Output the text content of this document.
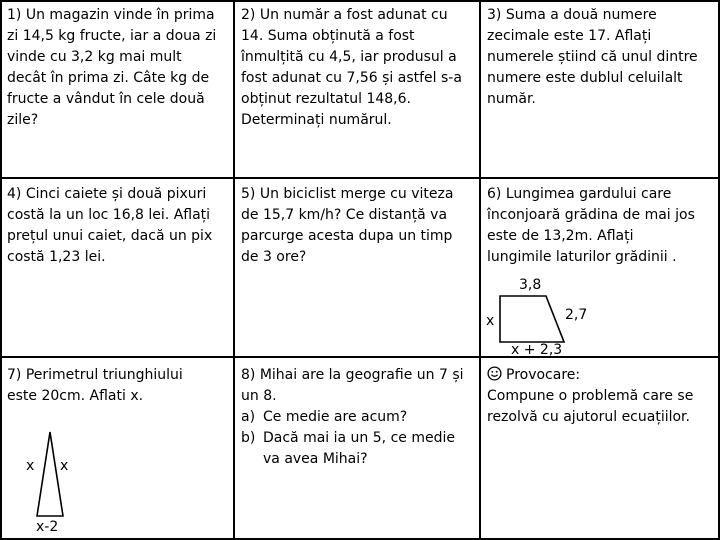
1) Un magazin vinde în prima

zi 14,5 kg fructe, iar a doua zi

vinde cu 3,2 kg mai mult

decât în prima zi. Câte kg de

fructe a vândut în cele două

zile?

2) Un număr a fost adunat cu

14. Suma obținută a fost

înmulțită cu 4,5, iar produsul a

fost adunat cu 7,56 și astfel s-a

obținut rezultatul 148,6.

Determinați numărul.

3) Suma a două numere

zecimale este 17. Aflați

numerele știind că unul dintre

numere este dublul celuilalt

număr.

4) Cinci caiete și două pixuri

costă la un loc 16,8 lei. Aflați

prețul unui caiet, dacă un pix

costă 1,23 lei.

5) Un biciclist merge cu viteza

de 15,7 km/h? Ce distanță va

parcurge acesta dupa un timp

de 3 ore?

6) Lungimea gardului care

înconjoară grădina de mai jos

este de 13,2m. Aflați

lungimile laturilor grădinii .

3,8
x	2,7
x + 2,3

7) Perimetrul triunghiului

este 20cm. Aflati x.

x x
x-2

8) Mihai are la geografie un 7 și

un 8.

a) Ce medie are acum?
b) Dacă mai ia un 5, ce medie
va avea Mihai?

Provocare:

Compune o problemă care se

rezolvă cu ajutorul ecuațiilor.
